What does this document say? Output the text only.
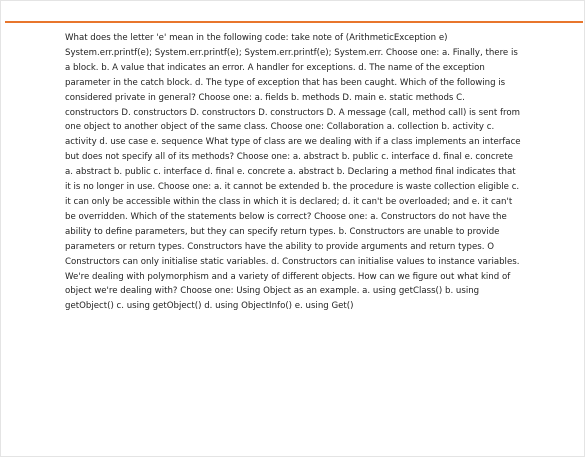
What does the letter 'e' mean in the following code: take note of (ArithmeticException e) System.err.printf(e); System.err.printf(e); System.err.printf(e); System.err. Choose one: a. Finally, there is a block. b. A value that indicates an error. A handler for exceptions. d. The name of the exception parameter in the catch block. d. The type of exception that has been caught. Which of the following is considered private in general? Choose one: a. fields b. methods D. main e. static methods C. constructors D. constructors D. constructors D. constructors D. A message (call, method call) is sent from one object to another object of the same class. Choose one: Collaboration a. collection b. activity c. activity d. use case e. sequence What type of class are we dealing with if a class implements an interface but does not specify all of its methods? Choose one: a. abstract b. public c. interface d. final e. concrete a. abstract b. public c. interface d. final e. concrete a. abstract b. Declaring a method final indicates that it is no longer in use. Choose one: a. it cannot be extended b. the procedure is waste collection eligible c. it can only be accessible within the class in which it is declared; d. it can't be overloaded; and e. it can't be overridden. Which of the statements below is correct? Choose one: a. Constructors do not have the ability to define parameters, but they can specify return types. b. Constructors are unable to provide parameters or return types. Constructors have the ability to provide arguments and return types. O Constructors can only initialise static variables. d. Constructors can initialise values to instance variables. We're dealing with polymorphism and a variety of different objects. How can we figure out what kind of object we're dealing with? Choose one: Using Object as an example. a. using getClass() b. using getObject() c. using getObject() d. using ObjectInfo() e. using Get()
